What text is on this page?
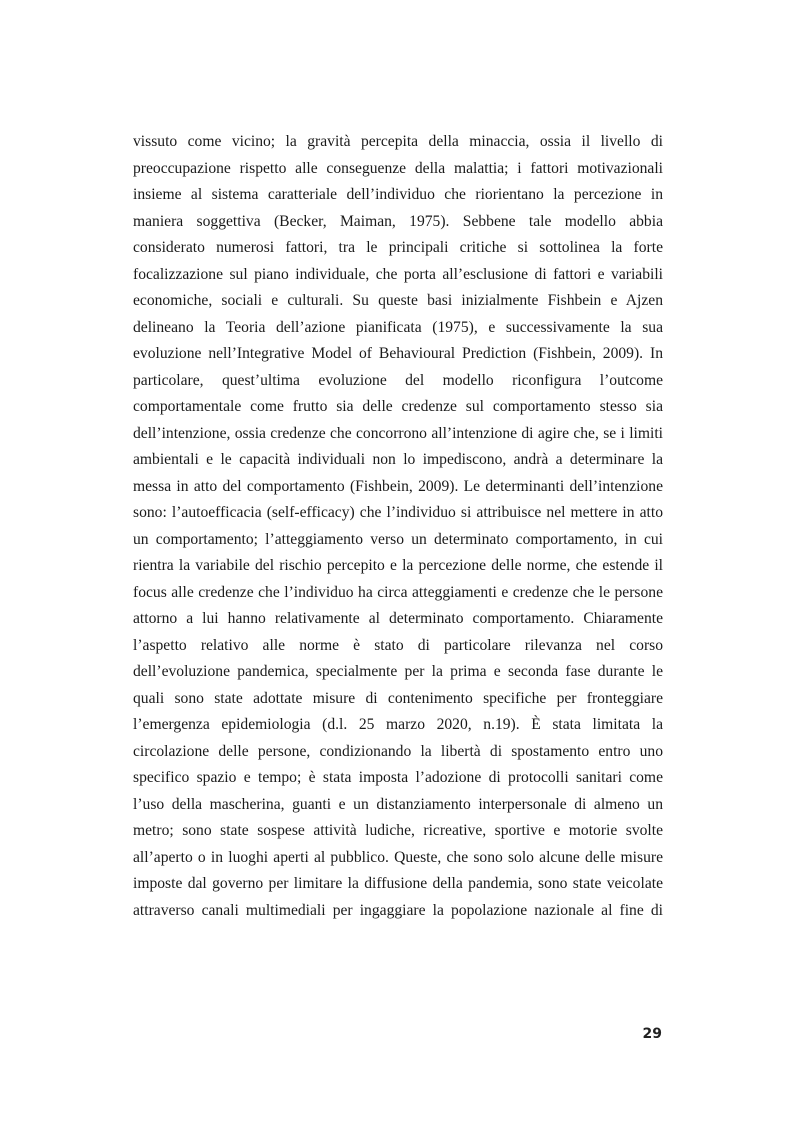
vissuto come vicino; la gravità percepita della minaccia, ossia il livello di
preoccupazione rispetto alle conseguenze della malattia; i fattori motivazionali
insieme al sistema caratteriale dell’individuo che riorientano la percezione in
maniera soggettiva (Becker, Maiman, 1975). Sebbene tale modello abbia
considerato numerosi fattori, tra le principali critiche si sottolinea la forte
focalizzazione sul piano individuale, che porta all’esclusione di fattori e variabili
economiche, sociali e culturali. Su queste basi inizialmente Fishbein e Ajzen
delineano la Teoria dell’azione pianificata (1975), e successivamente la sua
evoluzione nell’Integrative Model of Behavioural Prediction (Fishbein, 2009). In
particolare, quest’ultima evoluzione del modello riconfigura l’outcome
comportamentale come frutto sia delle credenze sul comportamento stesso sia
dell’intenzione, ossia credenze che concorrono all’intenzione di agire che, se i limiti
ambientali e le capacità individuali non lo impediscono, andrà a determinare la
messa in atto del comportamento (Fishbein, 2009). Le determinanti dell’intenzione
sono: l’autoefficacia (self-efficacy) che l’individuo si attribuisce nel mettere in atto
un comportamento; l’atteggiamento verso un determinato comportamento, in cui
rientra la variabile del rischio percepito e la percezione delle norme, che estende il
focus alle credenze che l’individuo ha circa atteggiamenti e credenze che le persone
attorno a lui hanno relativamente al determinato comportamento. Chiaramente
l’aspetto relativo alle norme è stato di particolare rilevanza nel corso
dell’evoluzione pandemica, specialmente per la prima e seconda fase durante le
quali sono state adottate misure di contenimento specifiche per fronteggiare
l’emergenza epidemiologia (d.l. 25 marzo 2020, n.19). È stata limitata la
circolazione delle persone, condizionando la libertà di spostamento entro uno
specifico spazio e tempo; è stata imposta l’adozione di protocolli sanitari come
l’uso della mascherina, guanti e un distanziamento interpersonale di almeno un
metro; sono state sospese attività ludiche, ricreative, sportive e motorie svolte
all’aperto o in luoghi aperti al pubblico. Queste, che sono solo alcune delle misure
imposte dal governo per limitare la diffusione della pandemia, sono state veicolate
attraverso canali multimediali per ingaggiare la popolazione nazionale al fine di
29
